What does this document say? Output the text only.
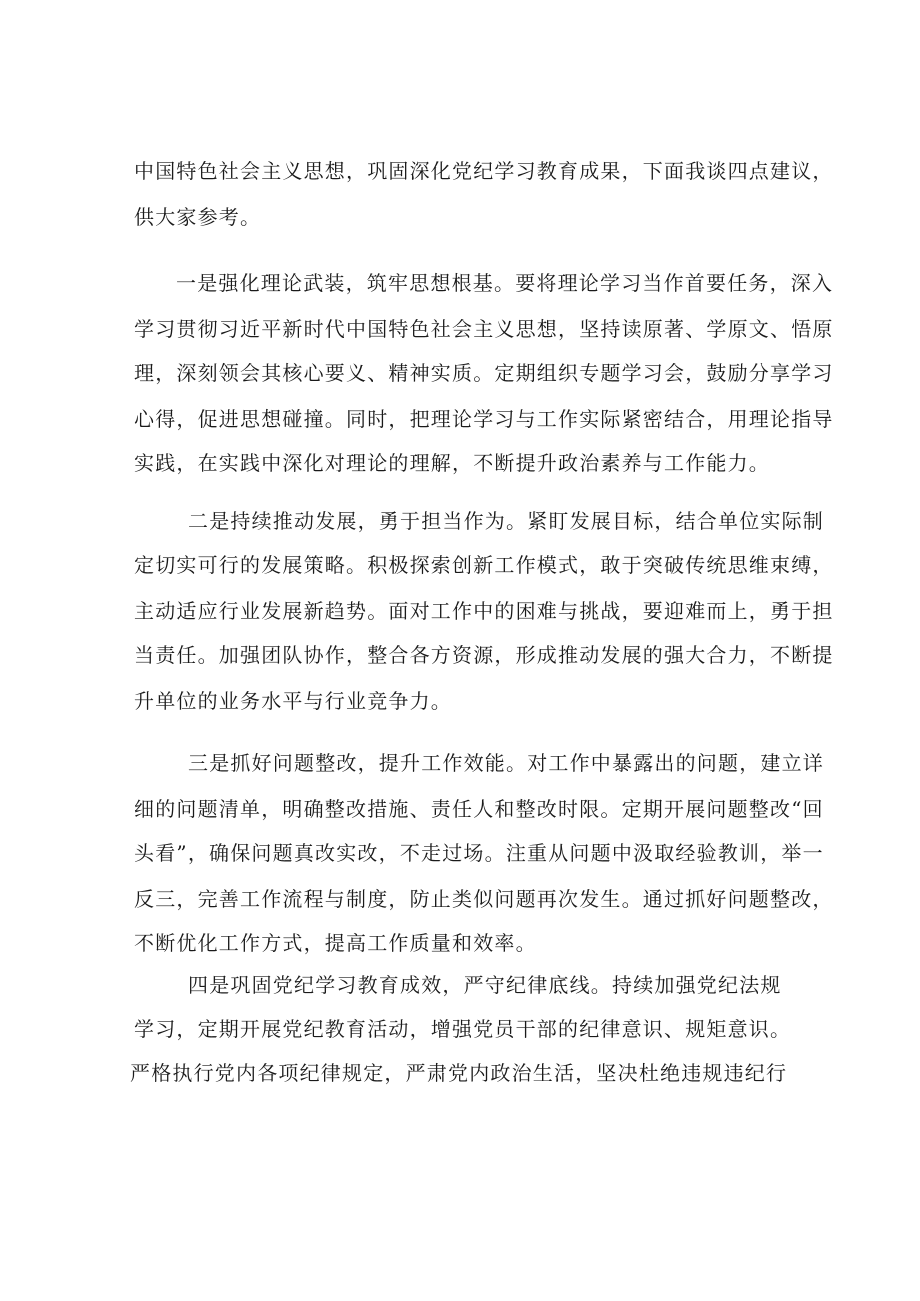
中国特色社会主义思想，巩固深化党纪学习教育成果，下面我谈四点建议，
供大家参考。
一是强化理论武装，筑牢思想根基。要将理论学习当作首要任务，深入
学习贯彻习近平新时代中国特色社会主义思想，坚持读原著、学原文、悟原
理，深刻领会其核心要义、精神实质。定期组织专题学习会，鼓励分享学习
心得，促进思想碰撞。同时，把理论学习与工作实际紧密结合，用理论指导
实践，在实践中深化对理论的理解，不断提升政治素养与工作能力。
二是持续推动发展，勇于担当作为。紧盯发展目标，结合单位实际制
定切实可行的发展策略。积极探索创新工作模式，敢于突破传统思维束缚，
主动适应行业发展新趋势。面对工作中的困难与挑战，要迎难而上，勇于担
当责任。加强团队协作，整合各方资源，形成推动发展的强大合力，不断提
升单位的业务水平与行业竞争力。
三是抓好问题整改，提升工作效能。对工作中暴露出的问题，建立详
细的问题清单，明确整改措施、责任人和整改时限。定期开展问题整改“回
头看”，确保问题真改实改，不走过场。注重从问题中汲取经验教训，举一
反三，完善工作流程与制度，防止类似问题再次发生。通过抓好问题整改，
不断优化工作方式，提高工作质量和效率。
四是巩固党纪学习教育成效，严守纪律底线。持续加强党纪法规
学习，定期开展党纪教育活动，增强党员干部的纪律意识、规矩意识。
严格执行党内各项纪律规定，严肃党内政治生活，坚决杜绝违规违纪行
